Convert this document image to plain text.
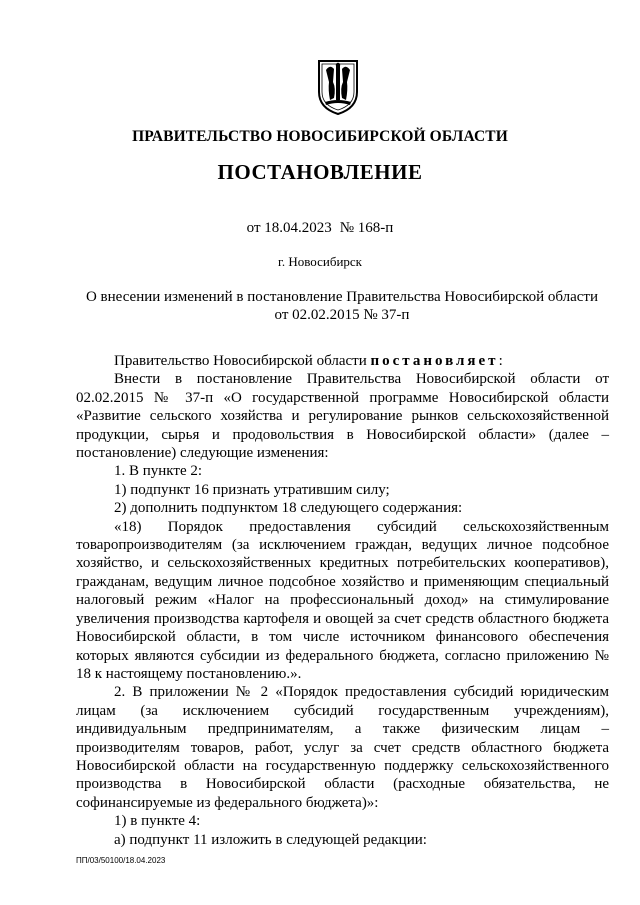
ПРАВИТЕЛЬСТВО НОВОСИБИРСКОЙ ОБЛАСТИ
ПОСТАНОВЛЕНИЕ
от 18.04.2023 № 168-п
г. Новосибирск
О внесении изменений в постановление Правительства Новосибирской области
от 02.02.2015 № 37-п

Правительство Новосибирской области постановляет:

Внести в постановление Правительства Новосибирской области от 02.02.2015 № 37-п «О государственной программе Новосибирской области «Развитие сельского хозяйства и регулирование рынков сельскохозяйственной продукции, сырья и продовольствия в Новосибирской области» (далее – постановление) следующие изменения:

1. В пункте 2:

1) подпункт 16 признать утратившим силу;

2) дополнить подпунктом 18 следующего содержания:

«18) Порядок предоставления субсидий сельскохозяйственным товаропроизводителям (за исключением граждан, ведущих личное подсобное хозяйство, и сельскохозяйственных кредитных потребительских кооперативов), гражданам, ведущим личное подсобное хозяйство и применяющим специальный налоговый режим «Налог на профессиональный доход» на стимулирование увеличения производства картофеля и овощей за счет средств областного бюджета Новосибирской области, в том числе источником финансового обеспечения которых являются субсидии из федерального бюджета, согласно приложению № 18 к настоящему постановлению.».

2. В приложении № 2 «Порядок предоставления субсидий юридическим лицам (за исключением субсидий государственным учреждениям), индивидуальным предпринимателям, а также физическим лицам – производителям товаров, работ, услуг за счет средств областного бюджета Новосибирской области на государственную поддержку сельскохозяйственного производства в Новосибирской области (расходные обязательства, не софинансируемые из федерального бюджета)»:

1) в пункте 4:

а) подпункт 11 изложить в следующей редакции:

ПП/03/50100/18.04.2023
